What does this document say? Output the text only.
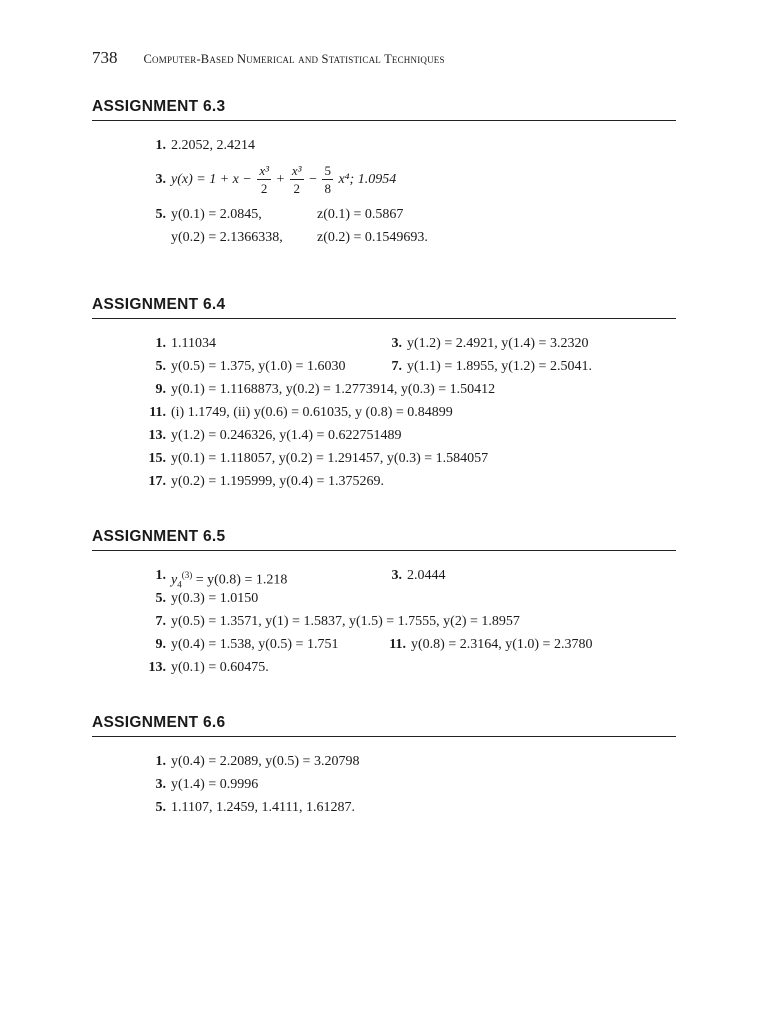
738 Computer-Based Numerical and Statistical Techniques
ASSIGNMENT 6.3
1. 2.2052, 2.4214
3. $y(x) = 1 + x - \frac{\text{x³}}{2} + \frac{\text{x³}}{2} - \frac{5}{8} x^4$; 1.0954
5. y(0.1) = 2.0845,	z(0.1) = 0.5867
y(0.2) = 2.1366338, z(0.2) = 0.1549693.
ASSIGNMENT 6.4
1. 1.11034	3. y(1.2) = 2.4921, y(1.4) = 3.2320
5. y(0.5) = 1.375, y(1.0) = 1.6030	7. y(1.1) = 1.8955, y(1.2) = 2.5041.
9. y(0.1) = 1.1168873, y(0.2) = 1.2773914, y(0.3) = 1.50412
11. (i) 1.1749, (ii) y(0.6) = 0.61035, y (0.8) = 0.84899
13. y(1.2) = 0.246326, y(1.4) = 0.622751489
15. y(0.1) = 1.118057, y(0.2) = 1.291457, y(0.3) = 1.584057
17. y(0.2) = 1.195999, y(0.4) = 1.375269.
ASSIGNMENT 6.5
1. $y_4^{(3)} = y(0.8) = 1.218$	3. 2.0444
5. y(0.3) = 1.0150
7. y(0.5) = 1.3571, y(1) = 1.5837, y(1.5) = 1.7555, y(2) = 1.8957
9. y(0.4) = 1.538, y(0.5) = 1.751	11. y(0.8) = 2.3164, y(1.0) = 2.3780
13. y(0.1) = 0.60475.
ASSIGNMENT 6.6
1. y(0.4) = 2.2089, y(0.5) = 3.20798
3. y(1.4) = 0.9996
5. 1.1107, 1.2459, 1.4111, 1.61287.
